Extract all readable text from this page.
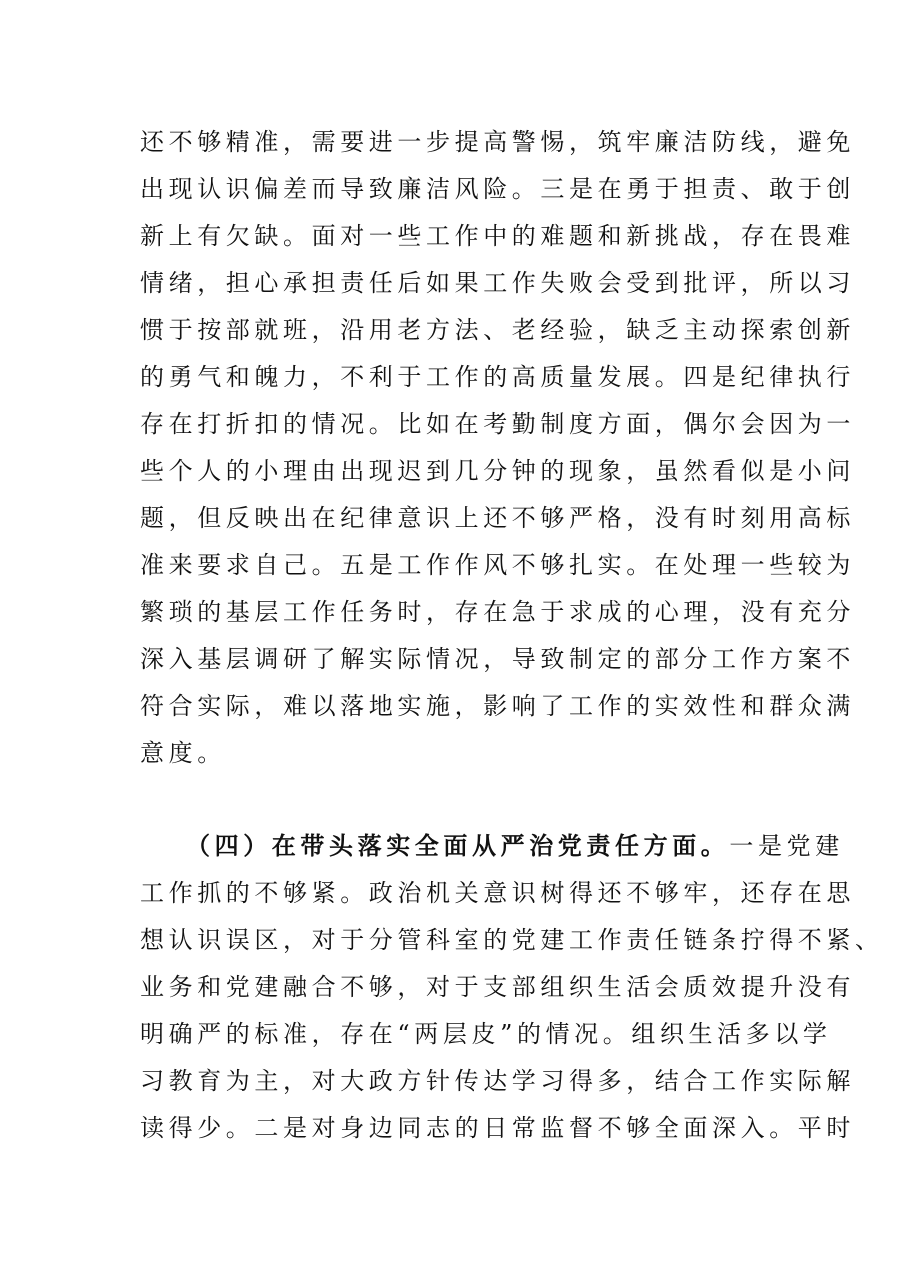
还不够精准，需要进一步提高警惕，筑牢廉洁防线，避免
出现认识偏差而导致廉洁风险。三是在勇于担责、敢于创
新上有欠缺。面对一些工作中的难题和新挑战，存在畏难
情绪，担心承担责任后如果工作失败会受到批评，所以习
惯于按部就班，沿用老方法、老经验，缺乏主动探索创新
的勇气和魄力，不利于工作的高质量发展。四是纪律执行
存在打折扣的情况。比如在考勤制度方面，偶尔会因为一
些个人的小理由出现迟到几分钟的现象，虽然看似是小问
题，但反映出在纪律意识上还不够严格，没有时刻用高标
准来要求自己。五是工作作风不够扎实。在处理一些较为
繁琐的基层工作任务时，存在急于求成的心理，没有充分
深入基层调研了解实际情况，导致制定的部分工作方案不
符合实际，难以落地实施，影响了工作的实效性和群众满
意度。
（四）在带头落实全面从严治党责任方面。一是党建
工作抓的不够紧。政治机关意识树得还不够牢，还存在思
想认识误区，对于分管科室的党建工作责任链条拧得不紧、
业务和党建融合不够，对于支部组织生活会质效提升没有
明确严的标准，存在“两层皮”的情况。组织生活多以学
习教育为主，对大政方针传达学习得多，结合工作实际解
读得少。二是对身边同志的日常监督不够全面深入。平时
